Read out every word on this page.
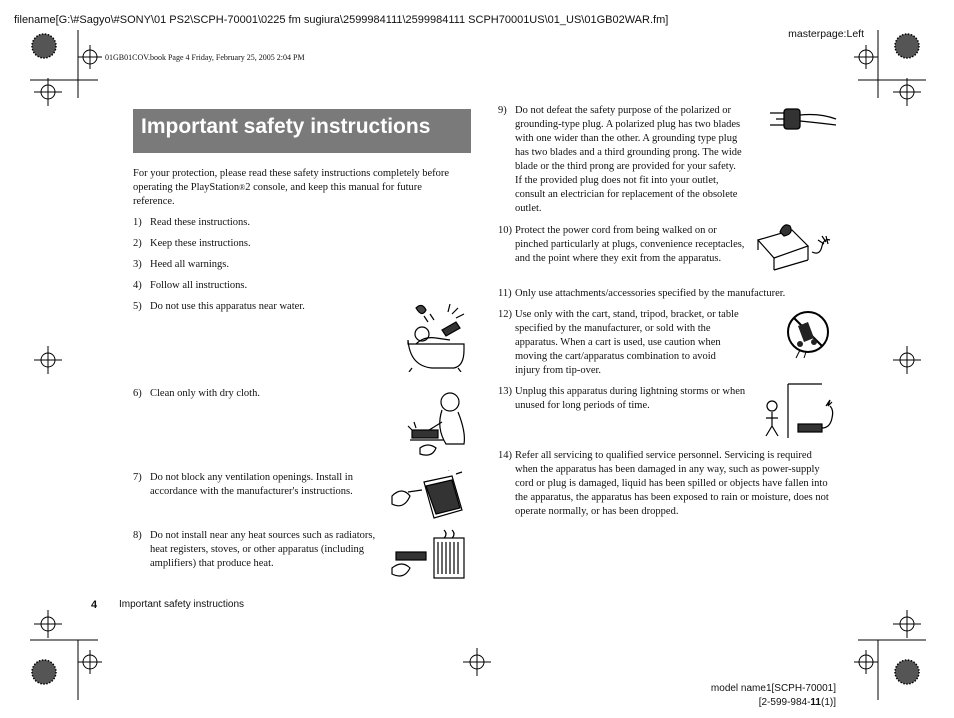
filename[G:\#Sagyo\#SONY\01 PS2\SCPH-70001\0225 fm sugiura\2599984111\2599984111 SCPH70001US\01_US\01GB02WAR.fm]
masterpage:Left
01GB01COV.book Page 4 Friday, February 25, 2005 2:04 PM
Important safety instructions
For your protection, please read these safety instructions completely before operating the PlayStation®2 console, and keep this manual for future reference.
1) Read these instructions.
2) Keep these instructions.
3) Heed all warnings.
4) Follow all instructions.
5) Do not use this apparatus near water.
6) Clean only with dry cloth.
7) Do not block any ventilation openings. Install in accordance with the manufacturer's instructions.
8) Do not install near any heat sources such as radiators, heat registers, stoves, or other apparatus (including amplifiers) that produce heat.
9) Do not defeat the safety purpose of the polarized or grounding-type plug. A polarized plug has two blades with one wider than the other. A grounding type plug has two blades and a third grounding prong. The wide blade or the third prong are provided for your safety. If the provided plug does not fit into your outlet, consult an electrician for replacement of the obsolete outlet.
10) Protect the power cord from being walked on or pinched particularly at plugs, convenience receptacles, and the point where they exit from the apparatus.
11) Only use attachments/accessories specified by the manufacturer.
12) Use only with the cart, stand, tripod, bracket, or table specified by the manufacturer, or sold with the apparatus. When a cart is used, use caution when moving the cart/apparatus combination to avoid injury from tip-over.
13) Unplug this apparatus during lightning storms or when unused for long periods of time.
14) Refer all servicing to qualified service personnel. Servicing is required when the apparatus has been damaged in any way, such as power-supply cord or plug is damaged, liquid has been spilled or objects have fallen into the apparatus, the apparatus has been exposed to rain or moisture, does not operate normally, or has been dropped.
4 Important safety instructions
model name1[SCPH-70001]
[2-599-984-11(1)]
